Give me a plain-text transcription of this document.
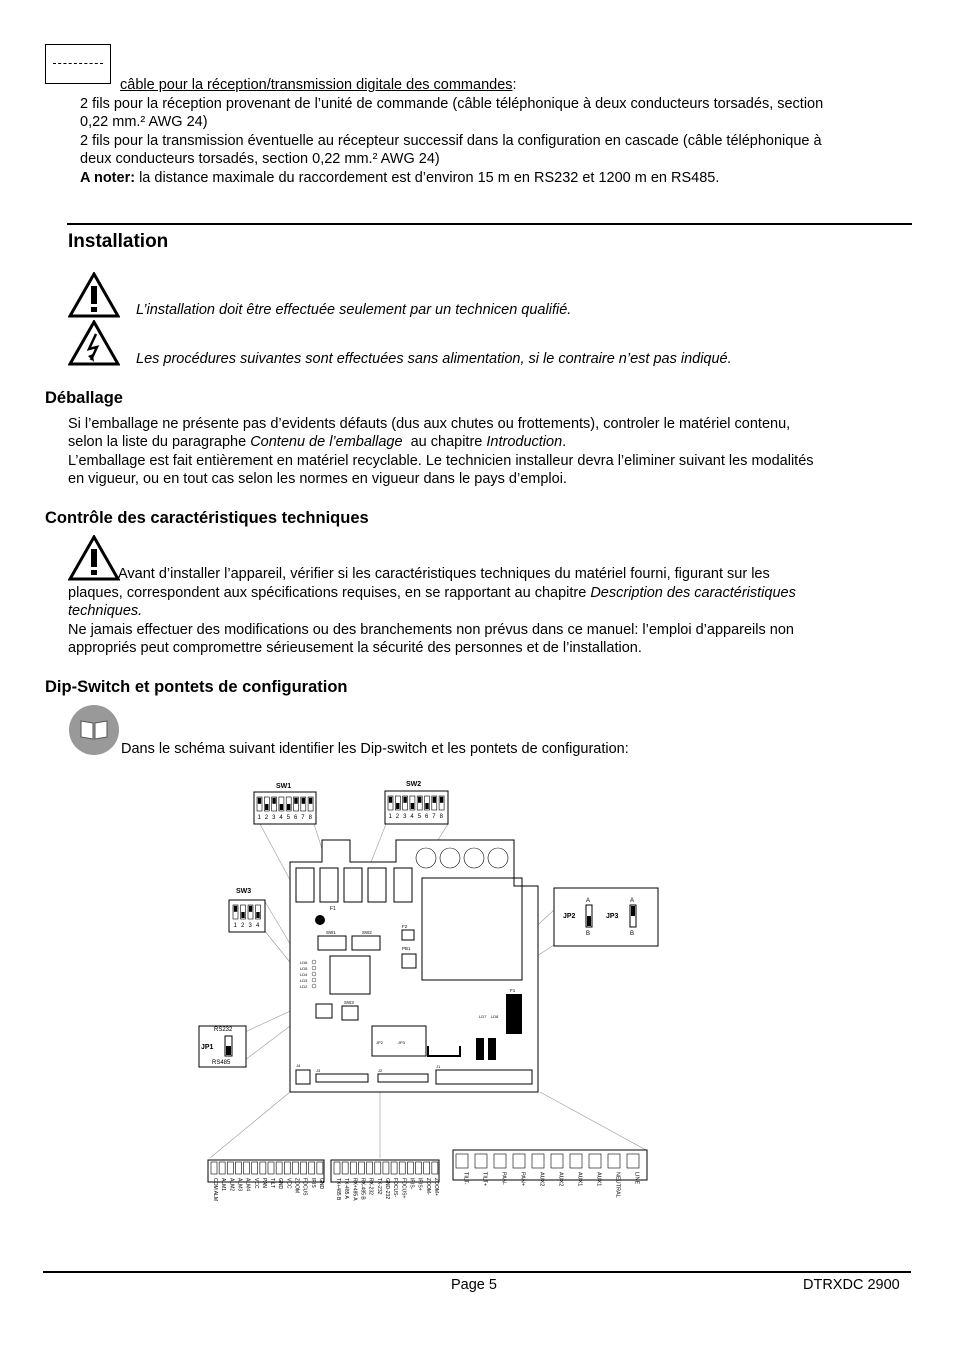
câble pour la réception/transmission digitale des commandes:
2 fils pour la réception provenant de l’unité de commande (câble téléphonique à deux conducteurs torsadés, section
0,22 mm.² AWG 24)
2 fils pour la transmission éventuelle au récepteur successif dans la configuration en cascade (câble téléphonique à
deux conducteurs torsadés, section 0,22 mm.² AWG 24)
A noter: la distance maximale du raccordement est d’environ 15 m en RS232 et 1200 m en RS485.
Installation
L’installation doit être effectuée seulement par un technicen qualifié.
Les procédures suivantes sont effectuées sans alimentation, si le contraire n’est pas indiqué.
Déballage
Si l’emballage ne présente pas d’evidents défauts (dus aux chutes ou frottements), controler le matériel contenu,
selon la liste du paragraphe Contenu de l’emballage  au chapitre Introduction.
L’emballage est fait entièrement en matériel recyclable. Le technicien installeur devra l’eliminer suivant les modalités
en vigueur, ou en tout cas selon les normes en vigueur dans le pays d’emploi.
Contrôle des caractéristiques techniques
Avant d’installer l’appareil, vérifier si les caractéristiques techniques du matériel fourni, figurant sur les
plaques, correspondent aux spécifications requises, en se rapportant au chapitre Description des caractéristiques
techniques.
Ne jamais effectuer des modifications ou des branchements non prévus dans ce manuel: l’emploi d’appareils non
appropriés peut compromettre sérieusement la sécurité des personnes et de l’installation.
Dip-Switch et pontets de configuration
Dans le schéma suivant identifier les Dip-switch et les pontets de configuration:
SW1
1 2 3 4 5 6 7 8
SW2
1 2 3 4 5 6 7 8
SW3
1 2 3 4
RS232
RS485
JP1
JP2	JP3
A
B
A
B
F1
SW1	SW2
F2
PB1
LD6
LD5
LD4
LD3
LD2
SW3
JP2	JP3
F1
LD7 LD8
J4
J3	J2
J1
COM ALM ALM1 ALM2 ALM3 ALM4 VCC PAN TILT GND VCC ZOOM FOCUS IRIS GND TX+485 B TX-485 A RX+485 A RX-485 B RX-232 TX-232 GND-232 FOCUS- FOCUS+ IRIS- IRIS+ ZOOM- ZOOM+	TILT- TILT+ PAN- PAN+ AUX2 AUX2 AUX1 AUX1 NEUTRAL LINE
Page 5	DTRXDC 2900
